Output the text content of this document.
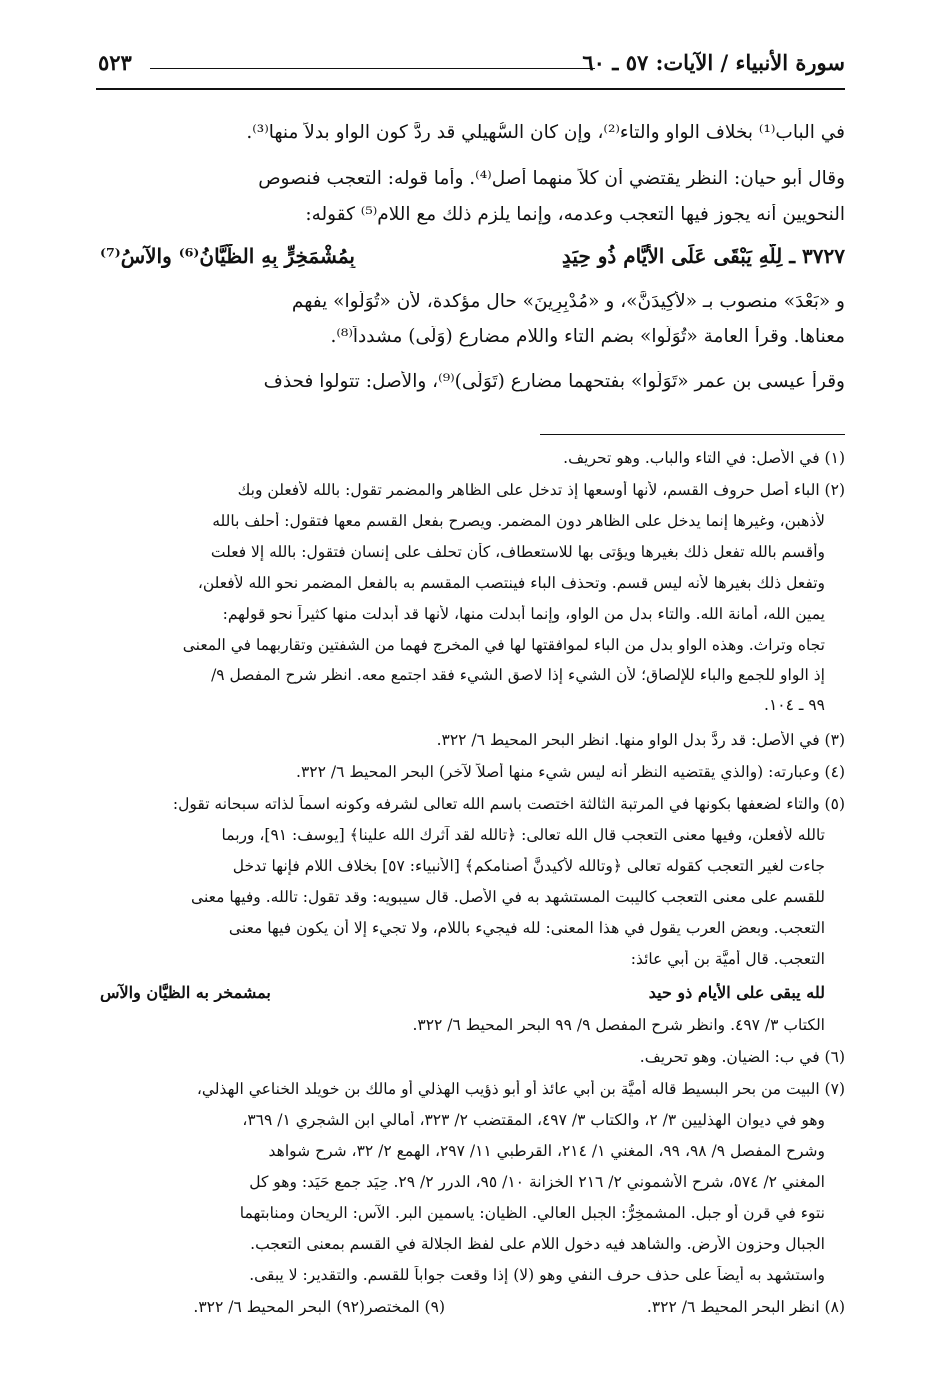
سورة الأنبياء / الآيات: ٥٧ ـ ٦٠
٥٢٣
في الباب⁽¹⁾ بخلاف الواو والتاء⁽²⁾، وإن كان السُّهيلي قد ردَّ كون الواو بدلاً منها⁽³⁾.
وقال أبو حيان: النظر يقتضي أن كلاً منهما أصل⁽⁴⁾. وأما قوله: التعجب فنصوص
النحويين أنه يجوز فيها التعجب وعدمه، وإنما يلزم ذلك مع اللام⁽⁵⁾ كقوله:
٣٧٢٧ ـ لِلَّهِ يَبْقَى عَلَى الأَيَّامِ ذُو حِيَدٍ
بِمُشْمَخِرٍّ بِهِ الظَّيَّانُ⁽⁶⁾ والآسُ⁽⁷⁾
و «بَعْدَ» منصوب بـ «لأَكِيدَنَّ»، و «مُدْبِرِينَ» حال مؤكدة، لأن «تُوَلُّوا» يفهم
معناها. وقرأ العامة «تُوَلُّوا» بضم التاء واللام مضارع (وَلَّى) مشدداً⁽⁸⁾.
وقرأ عيسى بن عمر «تَوَلَّوا» بفتحهما مضارع (تَوَلَّى)⁽⁹⁾، والأصل: تتولوا فحذف
(١) في الأصل: في التاء والباب. وهو تحريف.
(٢) الباء أصل حروف القسم، لأنها أوسعها إذ تدخل على الظاهر والمضمر تقول: بالله لأفعلن وبك
لأذهبن، وغيرها إنما يدخل على الظاهر دون المضمر. ويصرح بفعل القسم معها فتقول: أحلف بالله
وأقسم بالله تفعل ذلك بغيرها ويؤتى بها للاستعطاف، كأن تحلف على إنسان فتقول: بالله إلا فعلت
وتفعل ذلك بغيرها لأنه ليس قسم. وتحذف الباء فينتصب المقسم به بالفعل المضمر نحو الله لأفعلن،
يمين الله، أمانة الله. والتاء بدل من الواو، وإنما أبدلت منها، لأنها قد أبدلت منها كثيراً نحو قولهم:
تجاه وتراث. وهذه الواو بدل من الباء لموافقتها لها في المخرج فهما من الشفتين وتقاربهما في المعنى
إذ الواو للجمع والباء للإلصاق؛ لأن الشيء إذا لاصق الشيء فقد اجتمع معه. انظر شرح المفصل ٩/
٩٩ ـ ١٠٤.
(٣) في الأصل: قد ردَّ بدل الواو منها. انظر البحر المحيط ٦/ ٣٢٢.
(٤) وعبارته: (والذي يقتضيه النظر أنه ليس شيء منها أصلاً لآخر) البحر المحيط ٦/ ٣٢٢.
(٥) والتاء لضعفها بكونها في المرتبة الثالثة اختصت باسم الله تعالى لشرفه وكونه اسماً لذاته سبحانه تقول:
تالله لأفعلن، وفيها معنى التعجب قال الله تعالى: ﴿تالله لقد آثرك الله علينا﴾ [يوسف: ٩١]، وربما
جاءت لغير التعجب كقوله تعالى ﴿وتالله لأكيدنَّ أصنامكم﴾ [الأنبياء: ٥٧] بخلاف اللام فإنها تدخل
للقسم على معنى التعجب كاليبت المستشهد به في الأصل. قال سيبويه: وقد تقول: تالله. وفيها معنى
التعجب. وبعض العرب يقول في هذا المعنى: لله فيجيء باللام، ولا تجيء إلا أن يكون فيها معنى
التعجب. قال أميَّة بن أبي عائذ:
لله يبقى على الأيام ذو حيد
بمشمخر به الظيَّان والآس
الكتاب ٣/ ٤٩٧. وانظر شرح المفصل ٩/ ٩٩ البحر المحيط ٦/ ٣٢٢.
(٦) في ب: الضيان. وهو تحريف.
(٧) البيت من بحر البسيط قاله أميَّة بن أبي عائذ أو أبو ذؤيب الهذلي أو مالك بن خويلد الخناعي الهذلي،
وهو في ديوان الهذليين ٣/ ٢، والكتاب ٣/ ٤٩٧، المقتضب ٢/ ٣٢٣، أمالي ابن الشجري ١/ ٣٦٩،
وشرح المفصل ٩/ ٩٨، ٩٩، المغني ١/ ٢١٤، القرطبي ١١/ ٢٩٧، الهمع ٢/ ٣٢، شرح شواهد
المغني ٢/ ٥٧٤، شرح الأشموني ٢/ ٢١٦ الخزانة ١٠/ ٩٥، الدرر ٢/ ٢٩. حِيَد جمع حَيَد: وهو كل
نتوء في قرن أو جبل. المشمخِرُّ: الجبل العالي. الظيان: ياسمين البر. الآس: الريحان ومنابتهما
الجبال وحزون الأرض. والشاهد فيه دخول اللام على لفظ الجلالة في القسم بمعنى التعجب.
واستشهد به أيضاً على حذف حرف النفي وهو (لا) إذا وقعت جواباً للقسم. والتقدير: لا يبقى.
(٨) انظر البحر المحيط ٦/ ٣٢٢.
(٩) المختصر(٩٢) البحر المحيط ٦/ ٣٢٢.
